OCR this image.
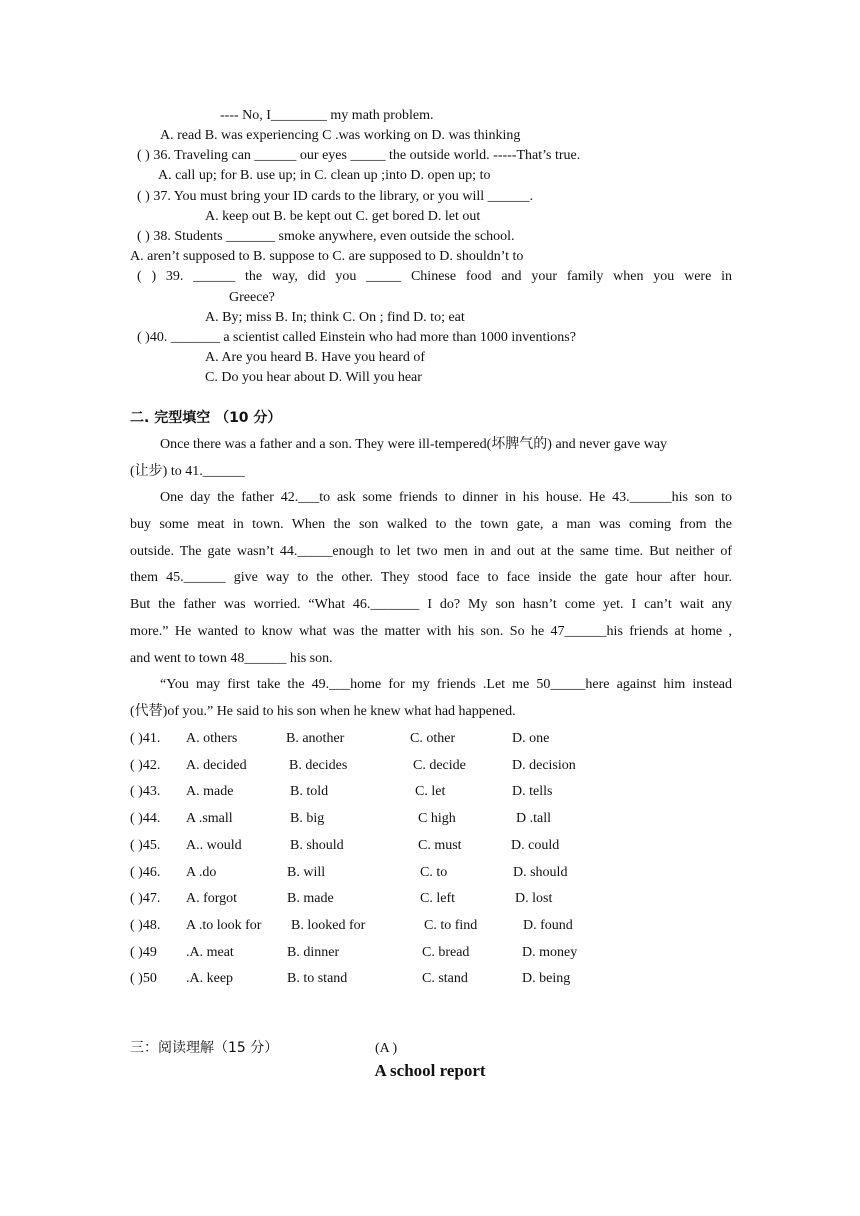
---- No, I________ my math problem.
A. read B. was experiencing C .was working on D. was thinking
( ) 36. Traveling can ______ our eyes _____ the outside world. -----That’s true.
A. call up; for B. use up; in C. clean up ;into D. open up; to
( ) 37. You must bring your ID cards to the library, or you will ______.
A. keep out B. be kept out C. get bored D. let out
( ) 38. Students _______ smoke anywhere, even outside the school.
A. aren’t supposed to B. suppose to C. are supposed to D. shouldn’t to
( ) 39. ______ the way, did you _____ Chinese food and your family when you were in
Greece?
A. By; miss B. In; think C. On ; find D. to; eat
( )40. _______ a scientist called Einstein who had more than 1000 inventions?
A. Are you heard B. Have you heard of
C. Do you hear about D. Will you hear
二. 完型填空 （10 分）
Once there was a father and a son. They were ill-tempered(坏脾气的) and never gave way
(让步) to 41.______
One day the father 42.___to ask some friends to dinner in his house. He 43.______his son to
buy some meat in town. When the son walked to the town gate, a man was coming from the
outside. The gate wasn’t 44._____enough to let two men in and out at the same time. But neither of
them 45.______ give way to the other. They stood face to face inside the gate hour after hour.
But the father was worried. “What 46._______ I do? My son hasn’t come yet. I can’t wait any
more.” He wanted to know what was the matter with his son. So he 47______his friends at home ,
and went to town 48______ his son.
“You may first take the 49.___home for my friends .Let me 50_____here against him instead
(代替)of you.” He said to his son when he knew what had happened.
( )41. A. others	B. another	C. other	D. one
( )42. A. decided	B. decides	C. decide	D. decision
( )43. A. made	B. told	C. let	D. tells
( )44. A .small	B. big	C high	D .tall
( )45. A.. would	B. should	C. must	D. could
( )46. A .do	B. will	C. to	D. should
( )47. A. forgot	B. made	C. left	D. lost
( )48. A .to look for B. looked for	C. to find	D. found
( )49 .A. meat	B. dinner	C. bread	D. money
( )50 .A. keep	B. to stand	C. stand	D. being
三：阅读理解（15 分）	(A )
A school report
